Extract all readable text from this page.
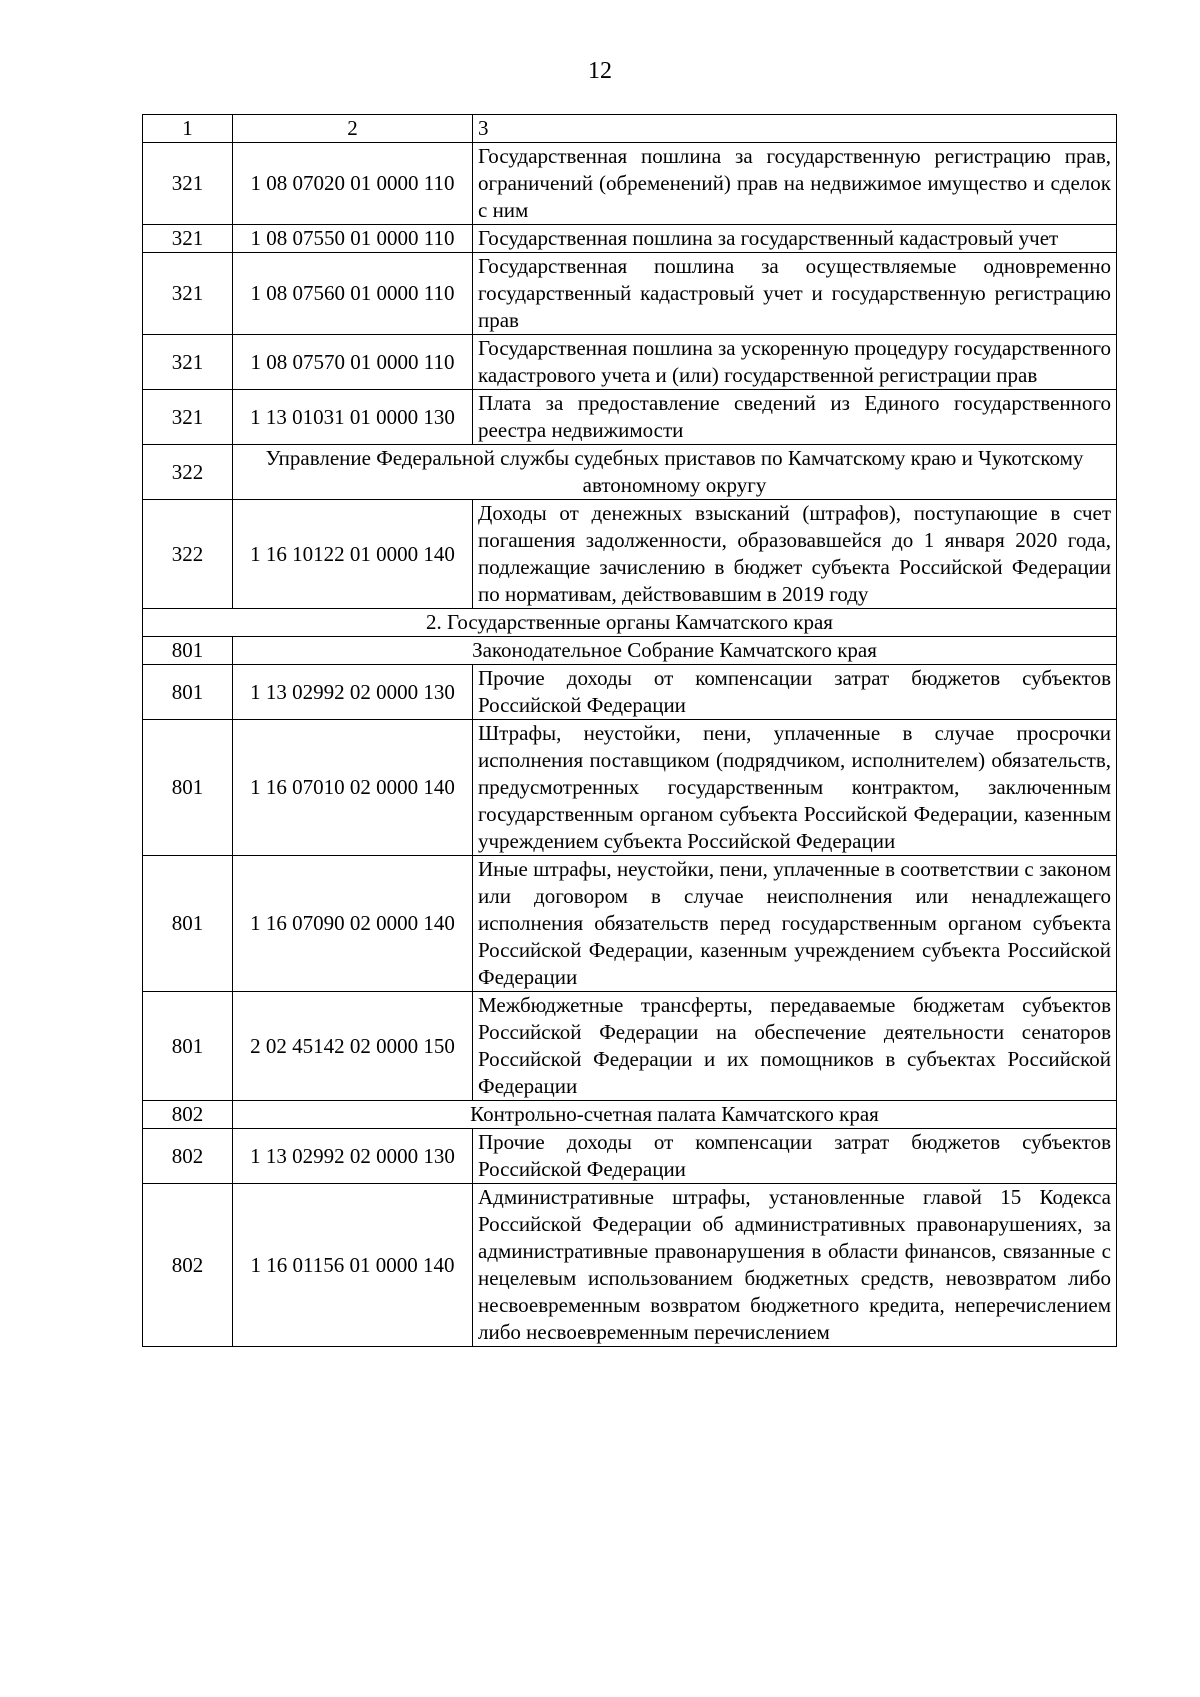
12
1	2	3
321	1 08 07020 01 0000 110	Государственная пошлина за государственную регистрацию прав, ограничений (обременений) прав на недвижимое имущество и сделок с ним
321	1 08 07550 01 0000 110	Государственная пошлина за государственный кадастровый учет
321	1 08 07560 01 0000 110	Государственная пошлина за осуществляемые одновременно государственный кадастровый учет и государственную регистрацию прав
321	1 08 07570 01 0000 110	Государственная пошлина за ускоренную процедуру государственного кадастрового учета и (или) государственной регистрации прав
321	1 13 01031 01 0000 130	Плата за предоставление сведений из Единого государственного реестра недвижимости
322	Управление Федеральной службы судебных приставов по Камчатскому краю и Чукотскому автономному округу	
322	1 16 10122 01 0000 140	Доходы от денежных взысканий (штрафов), поступающие в счет погашения задолженности, образовавшейся до 1 января 2020 года, подлежащие зачислению в бюджет субъекта Российской Федерации по нормативам, действовавшим в 2019 году
2. Государственные органы Камчатского края		
801	Законодательное Собрание Камчатского края	
801	1 13 02992 02 0000 130	Прочие доходы от компенсации затрат бюджетов субъектов Российской Федерации
801	1 16 07010 02 0000 140	Штрафы, неустойки, пени, уплаченные в случае просрочки исполнения поставщиком (подрядчиком, исполнителем) обязательств, предусмотренных государственным контрактом, заключенным государственным органом субъекта Российской Федерации, казенным учреждением субъекта Российской Федерации
801	1 16 07090 02 0000 140	Иные штрафы, неустойки, пени, уплаченные в соответствии с законом или договором в случае неисполнения или ненадлежащего исполнения обязательств перед государственным органом субъекта Российской Федерации, казенным учреждением субъекта Российской Федерации
801	2 02 45142 02 0000 150	Межбюджетные трансферты, передаваемые бюджетам субъектов Российской Федерации на обеспечение деятельности сенаторов Российской Федерации и их помощников в субъектах Российской Федерации
802	Контрольно-счетная палата Камчатского края	
802	1 13 02992 02 0000 130	Прочие доходы от компенсации затрат бюджетов субъектов Российской Федерации
802	1 16 01156 01 0000 140	Административные штрафы, установленные главой 15 Кодекса Российской Федерации об административных правонарушениях, за административные правонарушения в области финансов, связанные с нецелевым использованием бюджетных средств, невозвратом либо несвоевременным возвратом бюджетного кредита, неперечислением либо несвоевременным перечислением
